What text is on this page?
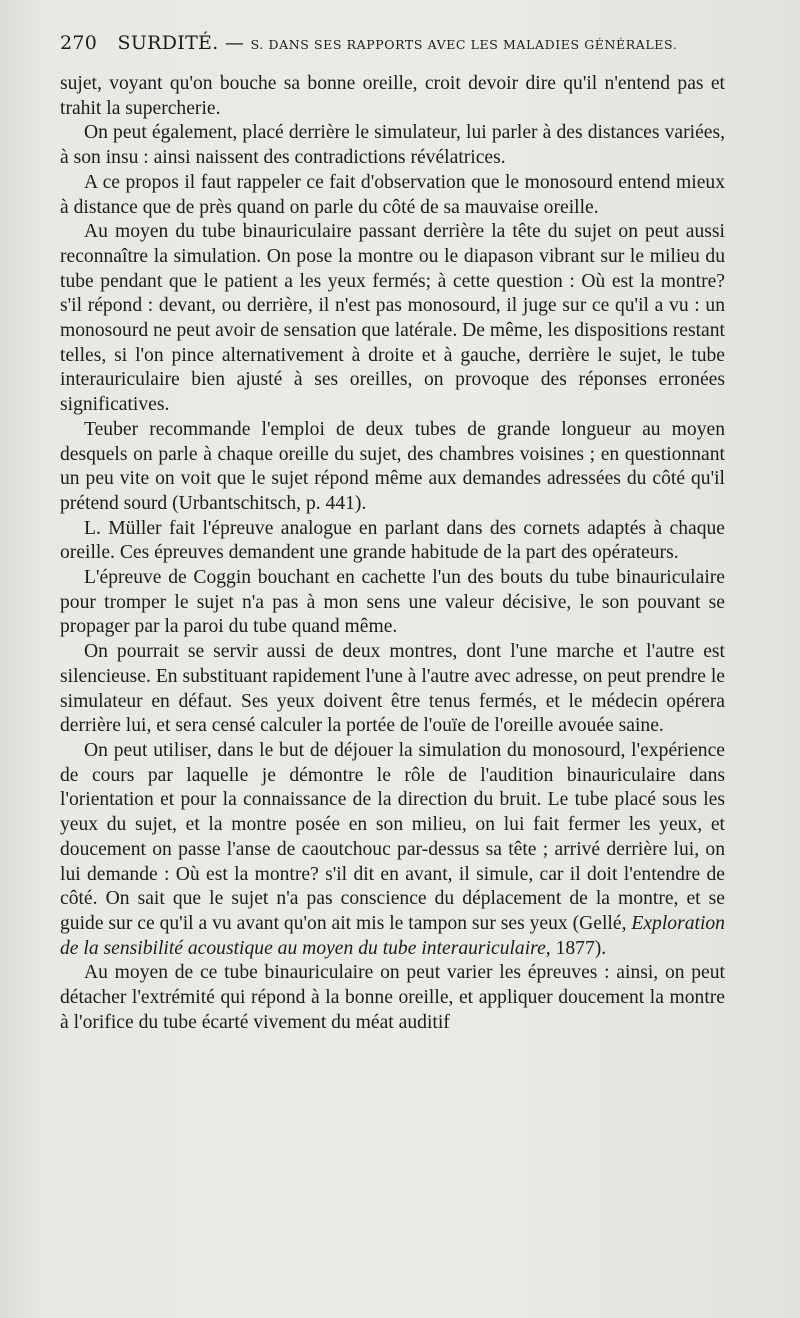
270 SURDITÉ. — S. DANS SES RAPPORTS AVEC LES MALADIES GÉNÉRALES.

sujet, voyant qu'on bouche sa bonne oreille, croit devoir dire qu'il n'entend pas et trahit la supercherie.

On peut également, placé derrière le simulateur, lui parler à des distances variées, à son insu : ainsi naissent des contradictions révélatrices.

A ce propos il faut rappeler ce fait d'observation que le monosourd entend mieux à distance que de près quand on parle du côté de sa mauvaise oreille.

Au moyen du tube binauriculaire passant derrière la tête du sujet on peut aussi reconnaître la simulation. On pose la montre ou le diapason vibrant sur le milieu du tube pendant que le patient a les yeux fermés; à cette question : Où est la montre? s'il répond : devant, ou derrière, il n'est pas monosourd, il juge sur ce qu'il a vu : un monosourd ne peut avoir de sensation que latérale. De même, les dispositions restant telles, si l'on pince alternativement à droite et à gauche, derrière le sujet, le tube interauriculaire bien ajusté à ses oreilles, on provoque des réponses erronées significatives.

Teuber recommande l'emploi de deux tubes de grande longueur au moyen desquels on parle à chaque oreille du sujet, des chambres voisines ; en questionnant un peu vite on voit que le sujet répond même aux demandes adressées du côté qu'il prétend sourd (Urbantschitsch, p. 441).

L. Müller fait l'épreuve analogue en parlant dans des cornets adaptés à chaque oreille. Ces épreuves demandent une grande habitude de la part des opérateurs.

L'épreuve de Coggin bouchant en cachette l'un des bouts du tube binauriculaire pour tromper le sujet n'a pas à mon sens une valeur décisive, le son pouvant se propager par la paroi du tube quand même.

On pourrait se servir aussi de deux montres, dont l'une marche et l'autre est silencieuse. En substituant rapidement l'une à l'autre avec adresse, on peut prendre le simulateur en défaut. Ses yeux doivent être tenus fermés, et le médecin opérera derrière lui, et sera censé calculer la portée de l'ouïe de l'oreille avouée saine.

On peut utiliser, dans le but de déjouer la simulation du monosourd, l'expérience de cours par laquelle je démontre le rôle de l'audition binauriculaire dans l'orientation et pour la connaissance de la direction du bruit. Le tube placé sous les yeux du sujet, et la montre posée en son milieu, on lui fait fermer les yeux, et doucement on passe l'anse de caoutchouc par-dessus sa tête ; arrivé derrière lui, on lui demande : Où est la montre? s'il dit en avant, il simule, car il doit l'entendre de côté. On sait que le sujet n'a pas conscience du déplacement de la montre, et se guide sur ce qu'il a vu avant qu'on ait mis le tampon sur ses yeux (Gellé, Exploration de la sensibilité acoustique au moyen du tube interauriculaire, 1877).

Au moyen de ce tube binauriculaire on peut varier les épreuves : ainsi, on peut détacher l'extrémité qui répond à la bonne oreille, et appliquer doucement la montre à l'orifice du tube écarté vivement du méat auditif
